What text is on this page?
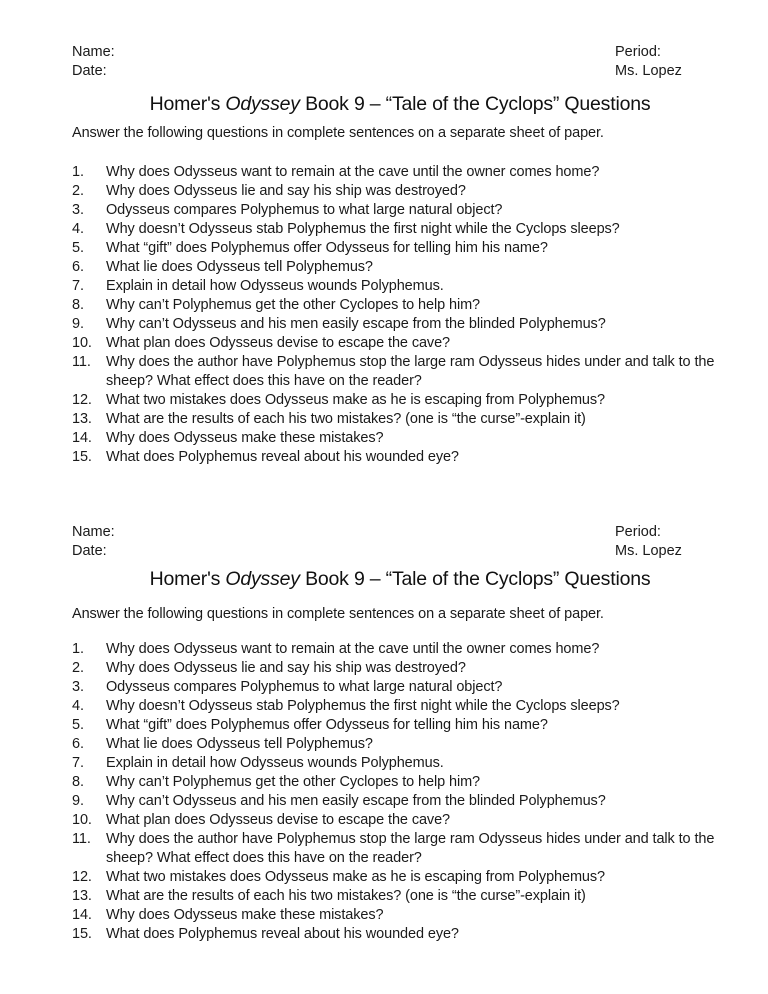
Name:	Period:
Date:	Ms. Lopez
Homer's Odyssey Book 9 – “Tale of the Cyclops” Questions
Answer the following questions in complete sentences on a separate sheet of paper.
1. Why does Odysseus want to remain at the cave until the owner comes home?
2. Why does Odysseus lie and say his ship was destroyed?
3. Odysseus compares Polyphemus to what large natural object?
4. Why doesn’t Odysseus stab Polyphemus the first night while the Cyclops sleeps?
5. What “gift” does Polyphemus offer Odysseus for telling him his name?
6. What lie does Odysseus tell Polyphemus?
7. Explain in detail how Odysseus wounds Polyphemus.
8. Why can’t Polyphemus get the other Cyclopes to help him?
9. Why can’t Odysseus and his men easily escape from the blinded Polyphemus?
10. What plan does Odysseus devise to escape the cave?
11. Why does the author have Polyphemus stop the large ram Odysseus hides under and talk to the sheep? What effect does this have on the reader?
12. What two mistakes does Odysseus make as he is escaping from Polyphemus?
13. What are the results of each his two mistakes? (one is “the curse”-explain it)
14. Why does Odysseus make these mistakes?
15. What does Polyphemus reveal about his wounded eye?
Name:	Period:
Date:	Ms. Lopez
Homer's Odyssey Book 9 – “Tale of the Cyclops” Questions
Answer the following questions in complete sentences on a separate sheet of paper.
1. Why does Odysseus want to remain at the cave until the owner comes home?
2. Why does Odysseus lie and say his ship was destroyed?
3. Odysseus compares Polyphemus to what large natural object?
4. Why doesn’t Odysseus stab Polyphemus the first night while the Cyclops sleeps?
5. What “gift” does Polyphemus offer Odysseus for telling him his name?
6. What lie does Odysseus tell Polyphemus?
7. Explain in detail how Odysseus wounds Polyphemus.
8. Why can’t Polyphemus get the other Cyclopes to help him?
9. Why can’t Odysseus and his men easily escape from the blinded Polyphemus?
10. What plan does Odysseus devise to escape the cave?
11. Why does the author have Polyphemus stop the large ram Odysseus hides under and talk to the sheep? What effect does this have on the reader?
12. What two mistakes does Odysseus make as he is escaping from Polyphemus?
13. What are the results of each his two mistakes? (one is “the curse”-explain it)
14. Why does Odysseus make these mistakes?
15. What does Polyphemus reveal about his wounded eye?
